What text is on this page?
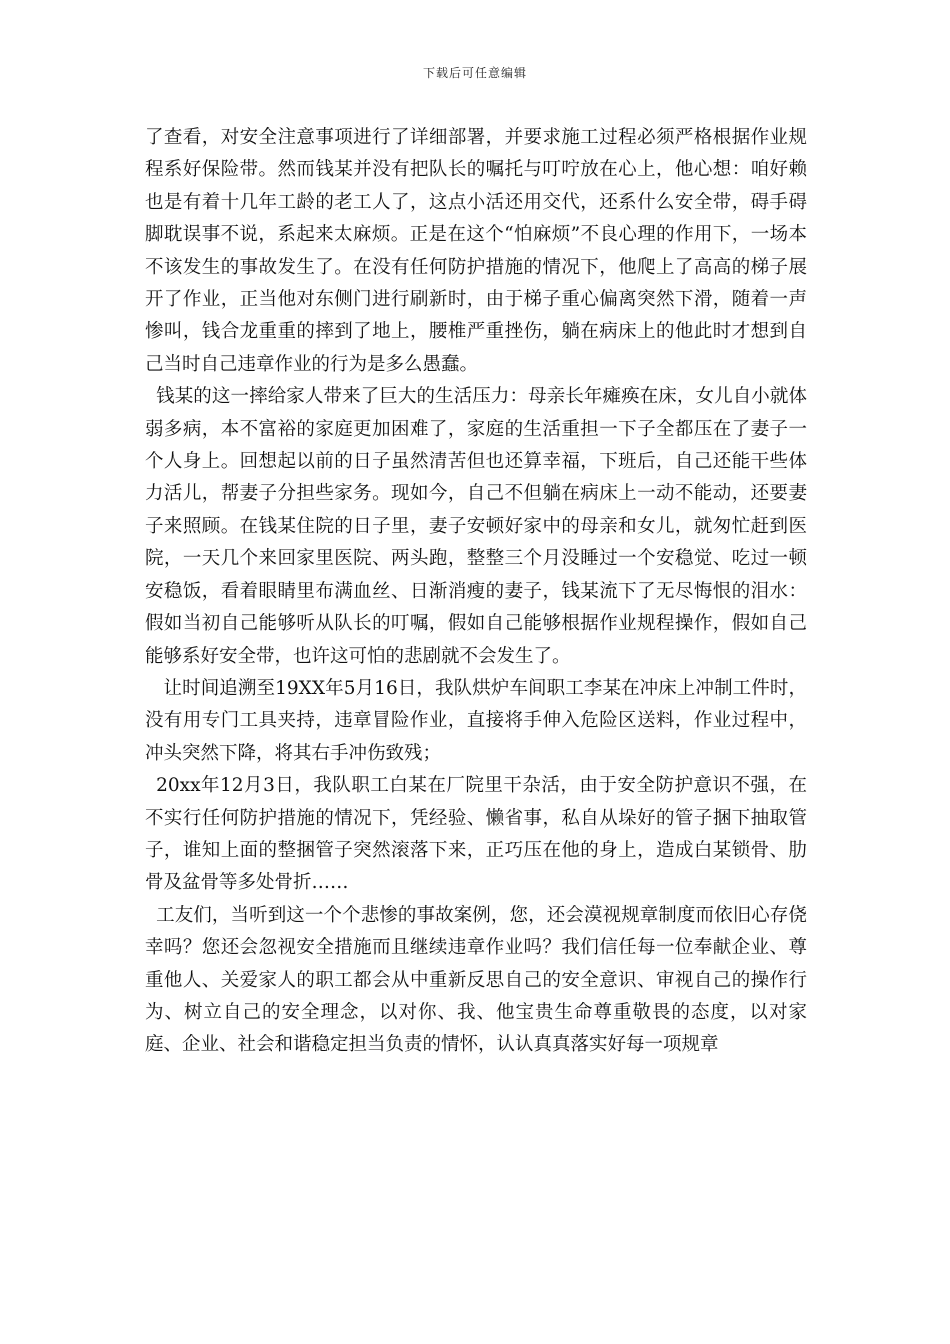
下载后可任意编辑

了查看，对安全注意事项进行了详细部署，并要求施工过程必须严格根据作业规程系好保险带。然而钱某并没有把队长的嘱托与叮咛放在心上，他心想：咱好赖也是有着十几年工龄的老工人了，这点小活还用交代，还系什么安全带，碍手碍脚耽误事不说，系起来太麻烦。正是在这个“怕麻烦”不良心理的作用下，一场本不该发生的事故发生了。在没有任何防护措施的情况下，他爬上了高高的梯子展开了作业，正当他对东侧门进行刷新时，由于梯子重心偏离突然下滑，随着一声惨叫，钱合龙重重的摔到了地上，腰椎严重挫伤，躺在病床上的他此时才想到自己当时自己违章作业的行为是多么愚蠢。

钱某的这一摔给家人带来了巨大的生活压力：母亲长年瘫痪在床，女儿自小就体弱多病，本不富裕的家庭更加困难了，家庭的生活重担一下子全都压在了妻子一个人身上。回想起以前的日子虽然清苦但也还算幸福，下班后，自己还能干些体力活儿，帮妻子分担些家务。现如今，自己不但躺在病床上一动不能动，还要妻子来照顾。在钱某住院的日子里，妻子安顿好家中的母亲和女儿，就匆忙赶到医院，一天几个来回家里医院、两头跑，整整三个月没睡过一个安稳觉、吃过一顿安稳饭，看着眼睛里布满血丝、日渐消瘦的妻子，钱某流下了无尽悔恨的泪水：假如当初自己能够听从队长的叮嘱，假如自己能够根据作业规程操作，假如自己能够系好安全带，也许这可怕的悲剧就不会发生了。

让时间追溯至19XX年5月16日，我队烘炉车间职工李某在冲床上冲制工件时，没有用专门工具夹持，违章冒险作业，直接将手伸入危险区送料，作业过程中，冲头突然下降，将其右手冲伤致残；

20xx年12月3日，我队职工白某在厂院里干杂活，由于安全防护意识不强，在不实行任何防护措施的情况下，凭经验、懒省事，私自从垛好的管子捆下抽取管子，谁知上面的整捆管子突然滚落下来，正巧压在他的身上，造成白某锁骨、肋骨及盆骨等多处骨折……

工友们，当听到这一个个悲惨的事故案例，您，还会漠视规章制度而依旧心存侥幸吗？您还会忽视安全措施而且继续违章作业吗？我们信任每一位奉献企业、尊重他人、关爱家人的职工都会从中重新反思自己的安全意识、审视自己的操作行为、树立自己的安全理念，以对你、我、他宝贵生命尊重敬畏的态度，以对家庭、企业、社会和谐稳定担当负责的情怀，认认真真落实好每一项规章
